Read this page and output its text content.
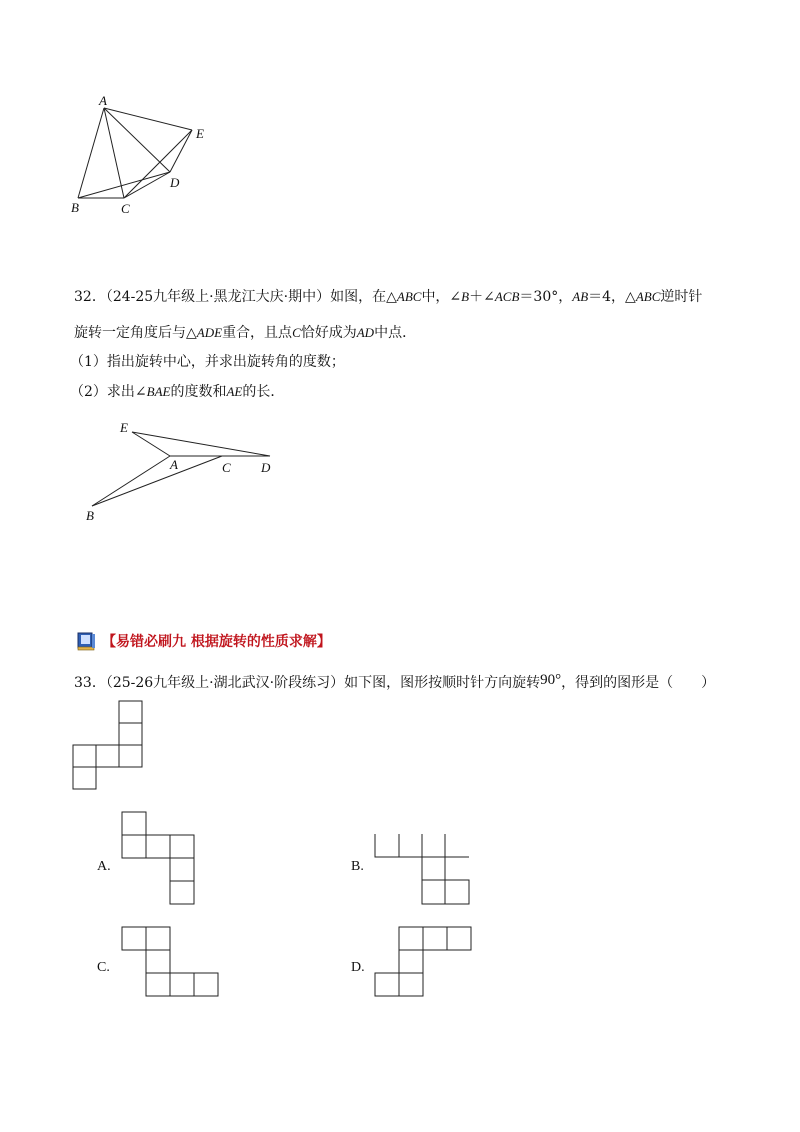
A
B	C
D
E
32．（24-25九年级上·黑龙江大庆·期中）如图，在△ABC中，∠B＋∠ACB＝30°，AB＝4，△ABC逆时针
旋转一定角度后与△ADE重合，且点C恰好成为AD中点．
（1）指出旋转中心，并求出旋转角的度数；
（2）求出∠BAE的度数和AE的长．
E
A	C D
B
【易错必刷九 根据旋转的性质求解】
33．（25-26九年级上·湖北武汉·阶段练习）如下图，图形按顺时针方向旋转90°，得到的图形是（　　）
A.	B.
C.	D.
